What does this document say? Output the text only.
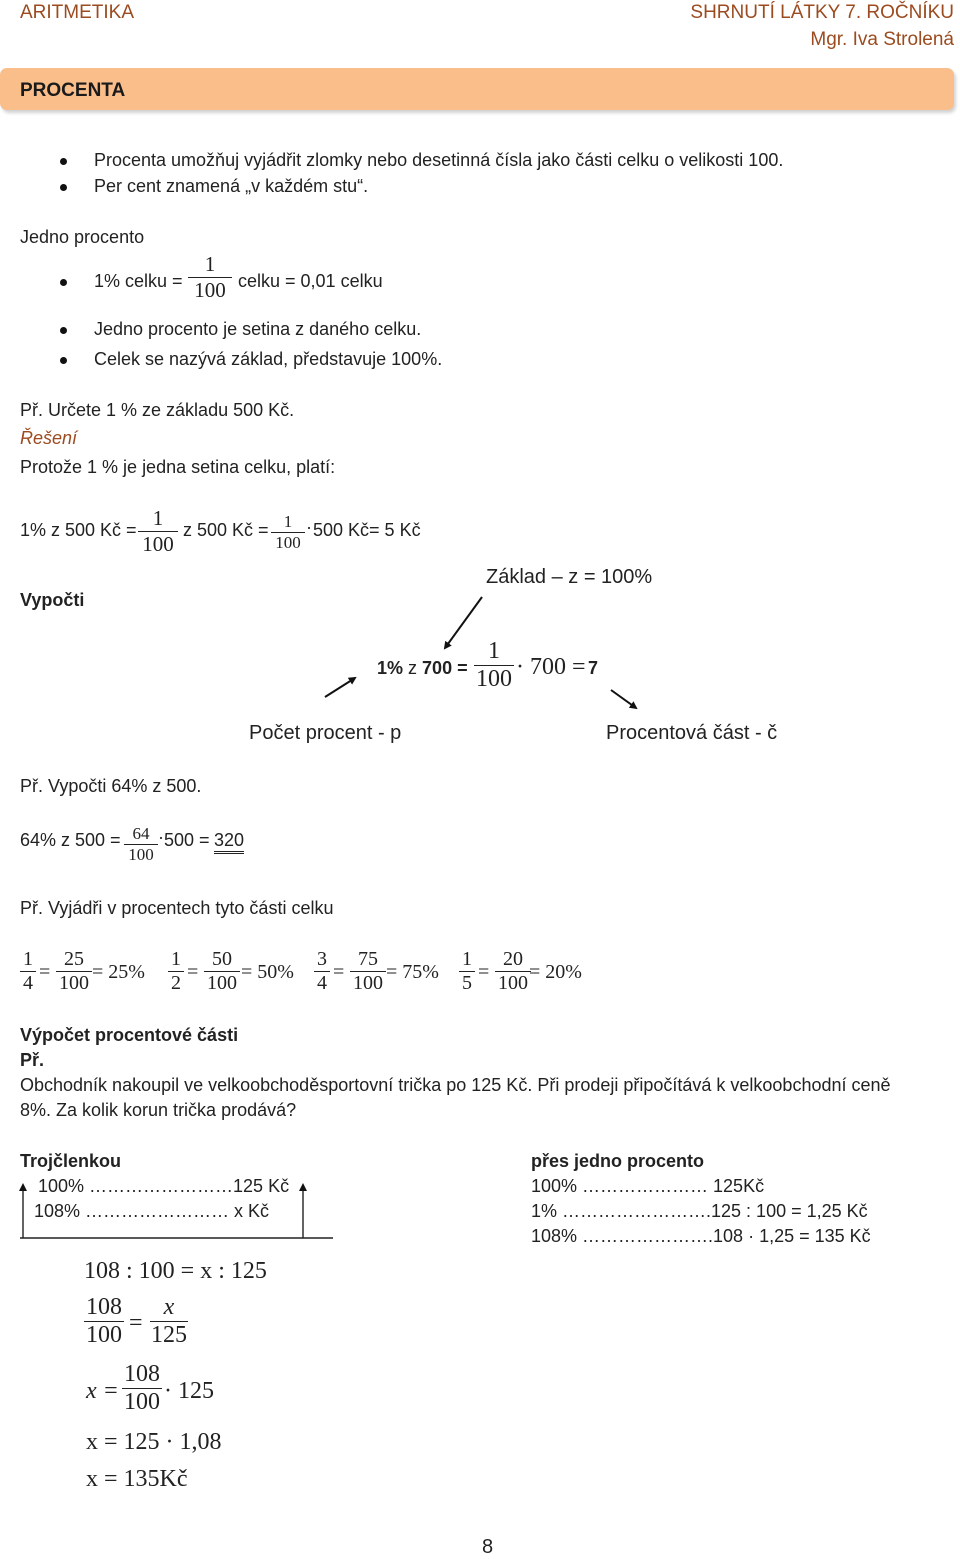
ARITMETIKA	SHRNUTÍ LÁTKY 7. ROČNÍKU
Mgr. Iva Strolená
PROCENTA
Procenta umožňuj vyjádřit zlomky nebo desetinná čísla jako části celku o velikosti 100.
Per cent znamená „v každém stu“.
Jedno procento
1% celku =
1
100 celku = 0,01 celku
Jedno procento je setina z daného celku.
Celek se nazývá základ, představuje 100%.
Př. Určete 1 % ze základu 500 Kč.
Řešení
Protože 1 % je jedna setina celku, platí:
1% z 500 Kč = 1
100
z 500 Kč = 1
100
· 500 Kč= 5 Kč
Vypočti
Základ – z = 100%
1% z 700 =
1
100 · 700 = 7
Počet procent - p	Procentová část - č
Př. Vypočti 64% z 500.
64% z 500 = 64
100
· 500 = 320
Př. Vyjádři v procentech tyto části celku
1
4 =
25
100 = 25%
1
2 =
50
100 = 50%
3
4 =
75
100 = 75%
1
5 =
20
100 = 20%
Výpočet procentové části
Př.
Obchodník nakoupil ve velkoobchoděsportovní trička po 125 Kč. Při prodeji připočítává k velkoobchodní ceně
8%. Za kolik korun trička prodává?
Trojčlenkou
100% ……………………125 Kč
108% …………………… x Kč
108 : 100 = x : 125
108
100 =
x
125
x =
108
100 · 125
x = 125 · 1,08
x = 135Kč
přes jedno procento
100% ………………… 125Kč
1% …………………….125 : 100 = 1,25 Kč
108% ………………….108 · 1,25 = 135 Kč
8
